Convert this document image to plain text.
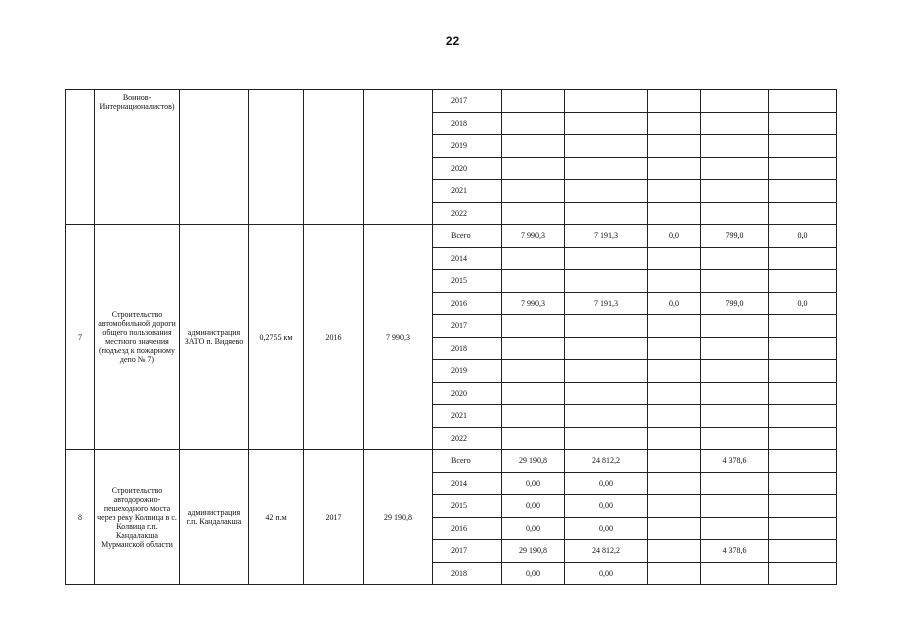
22
	Воинов-Интернационалистов)					2017					
						2018					
						2019					
						2020					
						2021					
						2022					
7	Строительство автомобильной дороги общего пользования местного значения (подъезд к пожарному депо № 7)	администрация ЗАТО п. Видяево	0,2755 км	2016	7 990,3	Всего	7 990,3	7 191,3	0,0	799,0	0,0
						2014					
						2015					
						2016	7 990,3	7 191,3	0,0	799,0	0,0
						2017					
						2018					
						2019					
						2020					
						2021					
						2022					
8	Строительство автодорожно-пешеходного моста через реку Колвица в с. Колвица г.п. Кандалакша Мурманской области	администрация г.п. Кандалакша	42 п.м	2017	29 190,8	Всего	29 190,8	24 812,2		4 378,6	
						2014	0,00	0,00			
						2015	0,00	0,00			
						2016	0,00	0,00			
						2017	29 190,8	24 812,2		4 378,6	
						2018	0,00	0,00			
